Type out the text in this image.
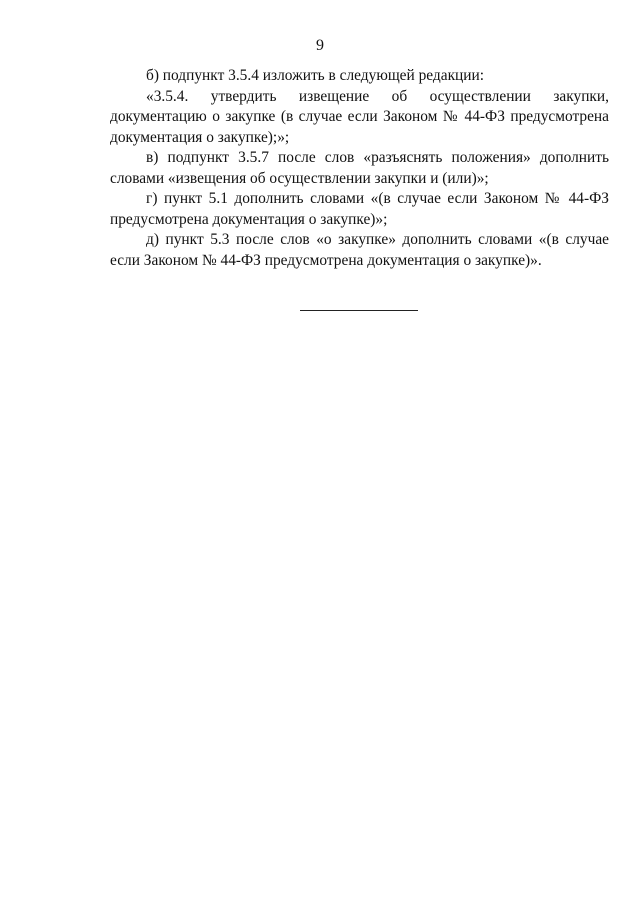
9

б) подпункт 3.5.4 изложить в следующей редакции:

«3.5.4. утвердить извещение об осуществлении закупки, документацию о закупке (в случае если Законом № 44-ФЗ предусмотрена документация о закупке);»;

в) подпункт 3.5.7 после слов «разъяснять положения» дополнить словами «извещения об осуществлении закупки и (или)»;

г) пункт 5.1 дополнить словами «(в случае если Законом № 44-ФЗ предусмотрена документация о закупке)»;

д) пункт 5.3 после слов «о закупке» дополнить словами «(в случае если Законом № 44-ФЗ предусмотрена документация о закупке)».
